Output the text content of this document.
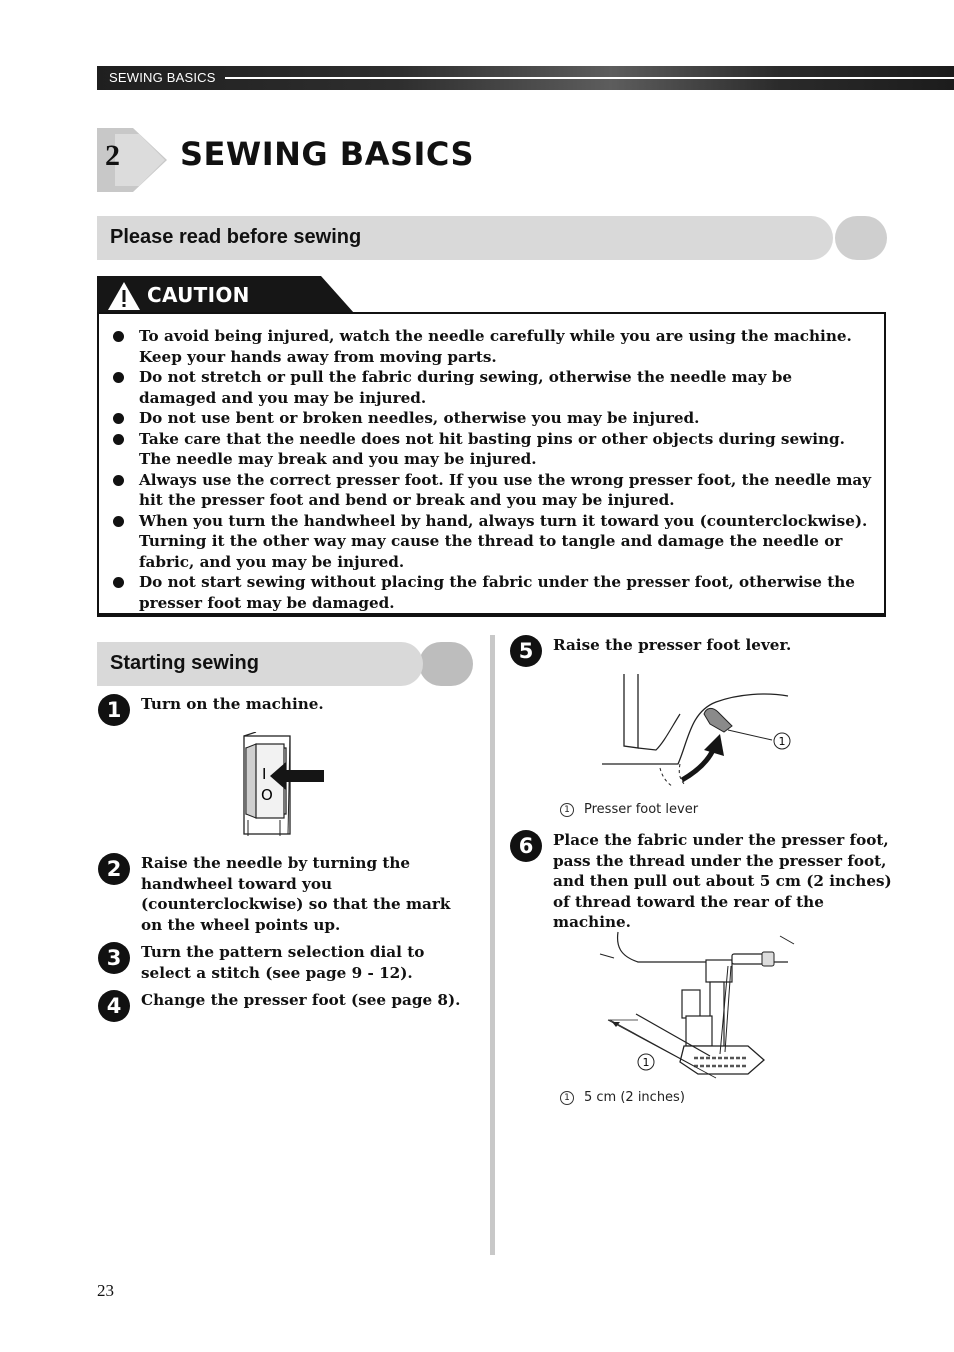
SEWING BASICS
2 SEWING BASICS
Please read before sewing
CAUTION
To avoid being injured, watch the needle carefully while you are using the machine. Keep your hands away from moving parts.
Do not stretch or pull the fabric during sewing, otherwise the needle may be damaged and you may be injured.
Do not use bent or broken needles, otherwise you may be injured.
Take care that the needle does not hit basting pins or other objects during sewing. The needle may break and you may be injured.
Always use the correct presser foot. If you use the wrong presser foot, the needle may hit the presser foot and bend or break and you may be injured.
When you turn the handwheel by hand, always turn it toward you (counterclockwise). Turning it the other way may cause the thread to tangle and damage the needle or fabric, and you may be injured.
Do not start sewing without placing the fabric under the presser foot, otherwise the presser foot may be damaged.
Starting sewing
1	Turn on the machine.
I
O
2	Raise the needle by turning the handwheel toward you (counterclockwise) so that the mark on the wheel points up.
3	Turn the pattern selection dial to select a stitch (see page 9 - 12).
4	Change the presser foot (see page 8).
5	Raise the presser foot lever.
1
1 Presser foot lever
6	Place the fabric under the presser foot, pass the thread under the presser foot, and then pull out about 5 cm (2 inches) of thread toward the rear of the machine.
1
1 5 cm (2 inches)
23
